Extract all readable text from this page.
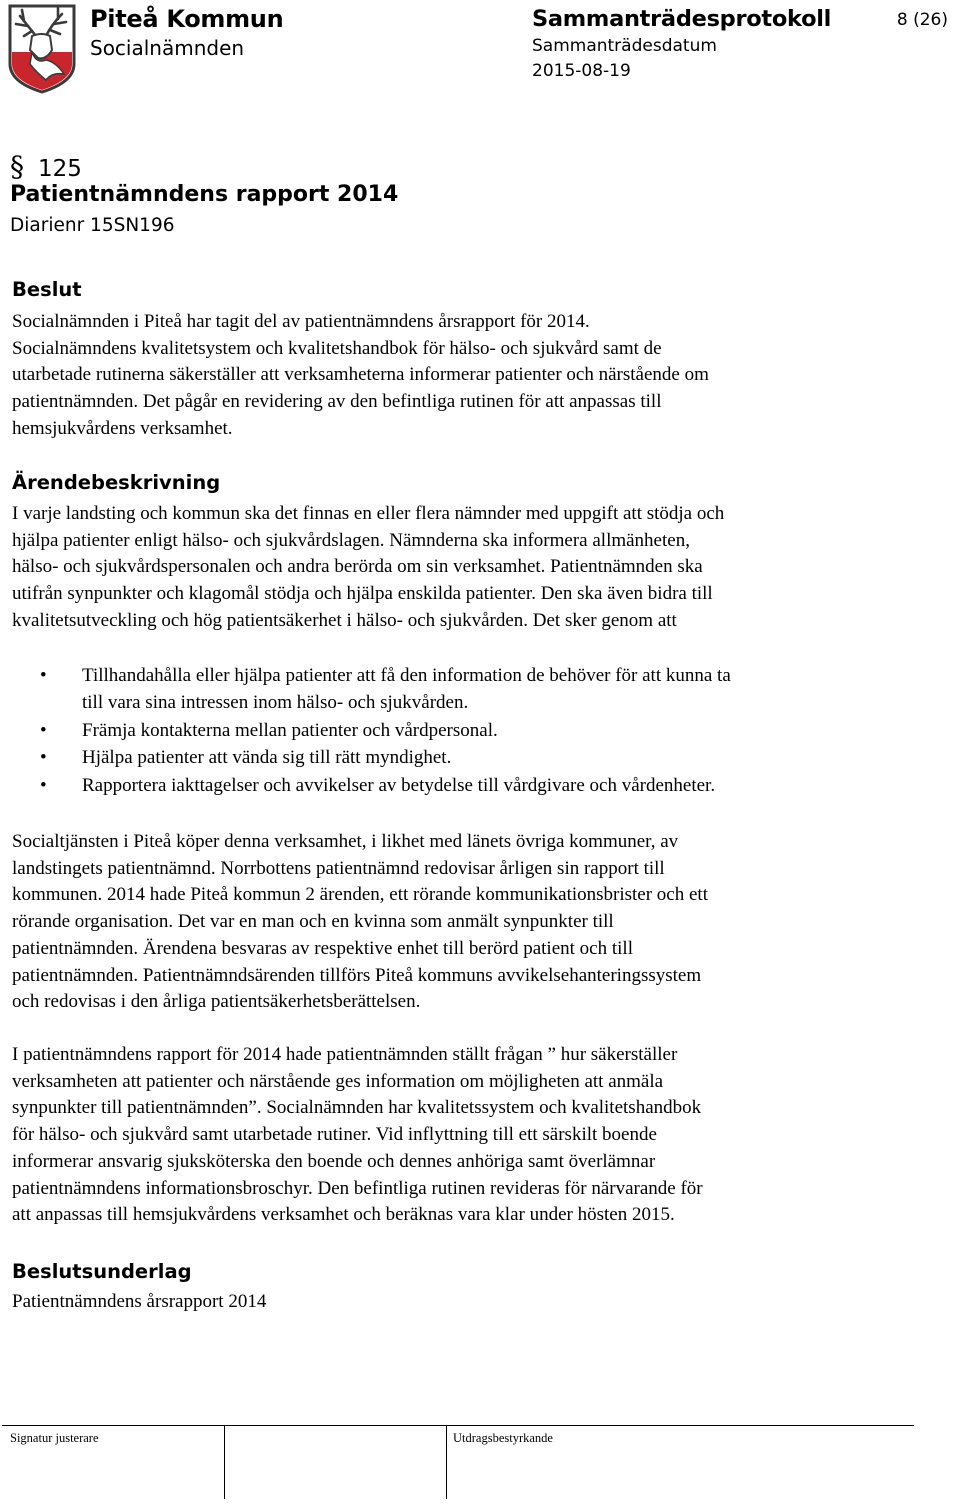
Piteå Kommun
Socialnämnden
Sammanträdesprotokoll
Sammanträdesdatum
2015-08-19
8 (26)
§ 125
Patientnämndens rapport 2014
Diarienr 15SN196
Beslut

Socialnämnden i Piteå har tagit del av patientnämndens årsrapport för 2014.

Socialnämndens kvalitetsystem och kvalitetshandbok för hälso- och sjukvård samt de

utarbetade rutinerna säkerställer att verksamheterna informerar patienter och närstående om

patientnämnden. Det pågår en revidering av den befintliga rutinen för att anpassas till

hemsjukvårdens verksamhet.

Ärendebeskrivning

I varje landsting och kommun ska det finnas en eller flera nämnder med uppgift att stödja och

hjälpa patienter enligt hälso- och sjukvårdslagen. Nämnderna ska informera allmänheten,

hälso- och sjukvårdspersonalen och andra berörda om sin verksamhet. Patientnämnden ska

utifrån synpunkter och klagomål stödja och hjälpa enskilda patienter. Den ska även bidra till

kvalitetsutveckling och hög patientsäkerhet i hälso- och sjukvården. Det sker genom att

• Tillhandahålla eller hjälpa patienter att få den information de behöver för att kunna ta
till vara sina intressen inom hälso- och sjukvården.
• Främja kontakterna mellan patienter och vårdpersonal.
• Hjälpa patienter att vända sig till rätt myndighet.
• Rapportera iakttagelser och avvikelser av betydelse till vårdgivare och vårdenheter.

Socialtjänsten i Piteå köper denna verksamhet, i likhet med länets övriga kommuner, av

landstingets patientnämnd. Norrbottens patientnämnd redovisar årligen sin rapport till

kommunen. 2014 hade Piteå kommun 2 ärenden, ett rörande kommunikationsbrister och ett

rörande organisation. Det var en man och en kvinna som anmält synpunkter till

patientnämnden. Ärendena besvaras av respektive enhet till berörd patient och till

patientnämnden. Patientnämndsärenden tillförs Piteå kommuns avvikelsehanteringssystem

och redovisas i den årliga patientsäkerhetsberättelsen.

I patientnämndens rapport för 2014 hade patientnämnden ställt frågan ” hur säkerställer

verksamheten att patienter och närstående ges information om möjligheten att anmäla

synpunkter till patientnämnden”. Socialnämnden har kvalitetssystem och kvalitetshandbok

för hälso- och sjukvård samt utarbetade rutiner. Vid inflyttning till ett särskilt boende

informerar ansvarig sjuksköterska den boende och dennes anhöriga samt överlämnar

patientnämndens informationsbroschyr. Den befintliga rutinen revideras för närvarande för

att anpassas till hemsjukvårdens verksamhet och beräknas vara klar under hösten 2015.

Beslutsunderlag

Patientnämndens årsrapport 2014

Signatur justerare	Utdragsbestyrkande
